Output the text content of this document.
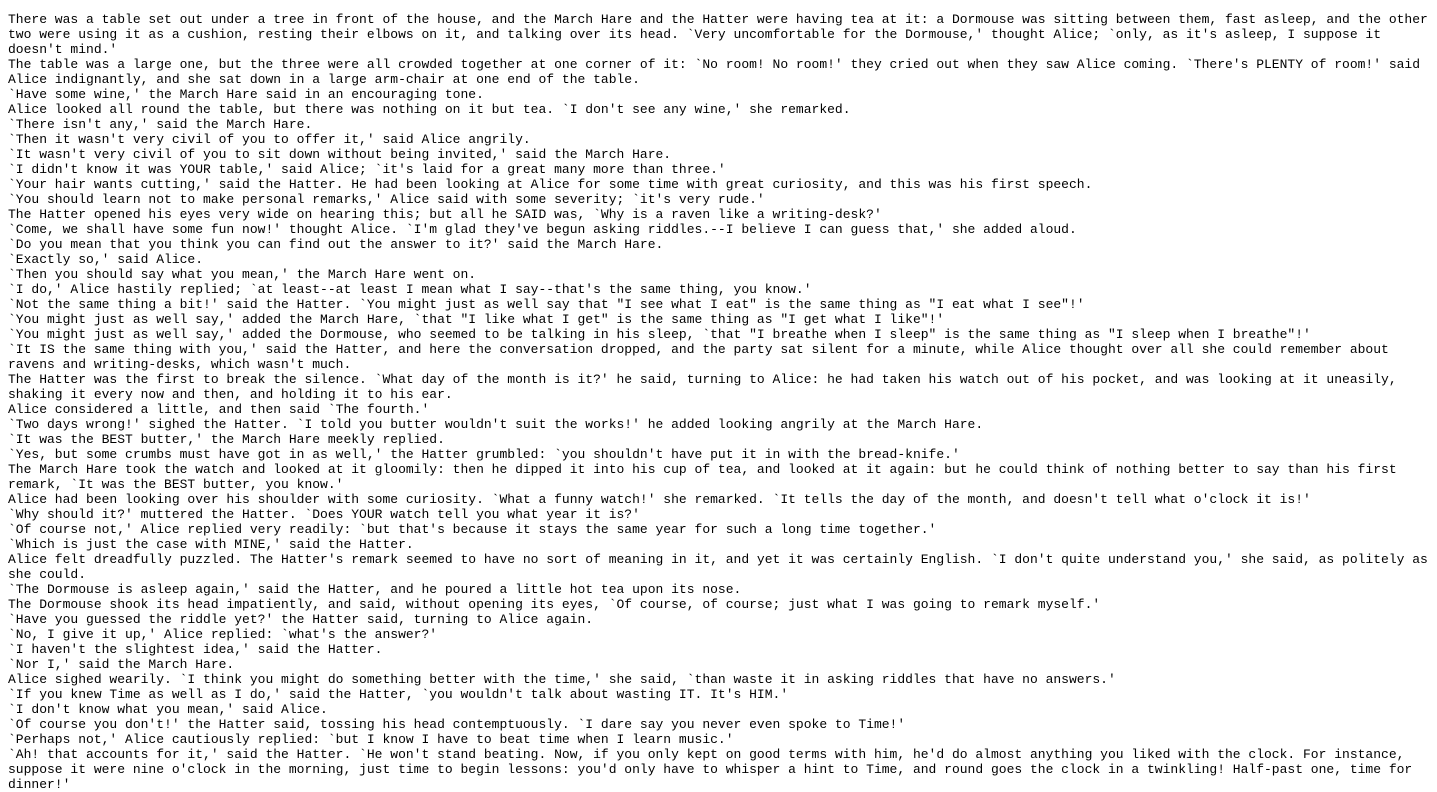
There was a table set out under a tree in front of the house, and the March Hare and the Hatter were having tea at it: a Dormouse was sitting between them, fast asleep, and the other two were using it as a cushion, resting their elbows on it, and talking over its head. `Very uncomfortable for the Dormouse,' thought Alice; `only, as it's asleep, I suppose it doesn't mind.'
The table was a large one, but the three were all crowded together at one corner of it: `No room! No room!' they cried out when they saw Alice coming. `There's PLENTY of room!' said Alice indignantly, and she sat down in a large arm-chair at one end of the table.
`Have some wine,' the March Hare said in an encouraging tone.
Alice looked all round the table, but there was nothing on it but tea. `I don't see any wine,' she remarked.
`There isn't any,' said the March Hare.
`Then it wasn't very civil of you to offer it,' said Alice angrily.
`It wasn't very civil of you to sit down without being invited,' said the March Hare.
`I didn't know it was YOUR table,' said Alice; `it's laid for a great many more than three.'
`Your hair wants cutting,' said the Hatter. He had been looking at Alice for some time with great curiosity, and this was his first speech.
`You should learn not to make personal remarks,' Alice said with some severity; `it's very rude.'
The Hatter opened his eyes very wide on hearing this; but all he SAID was, `Why is a raven like a writing-desk?'
`Come, we shall have some fun now!' thought Alice. `I'm glad they've begun asking riddles.--I believe I can guess that,' she added aloud.
`Do you mean that you think you can find out the answer to it?' said the March Hare.
`Exactly so,' said Alice.
`Then you should say what you mean,' the March Hare went on.
`I do,' Alice hastily replied; `at least--at least I mean what I say--that's the same thing, you know.'
`Not the same thing a bit!' said the Hatter. `You might just as well say that "I see what I eat" is the same thing as "I eat what I see"!'
`You might just as well say,' added the March Hare, `that "I like what I get" is the same thing as "I get what I like"!'
`You might just as well say,' added the Dormouse, who seemed to be talking in his sleep, `that "I breathe when I sleep" is the same thing as "I sleep when I breathe"!'
`It IS the same thing with you,' said the Hatter, and here the conversation dropped, and the party sat silent for a minute, while Alice thought over all she could remember about ravens and writing-desks, which wasn't much.
The Hatter was the first to break the silence. `What day of the month is it?' he said, turning to Alice: he had taken his watch out of his pocket, and was looking at it uneasily, shaking it every now and then, and holding it to his ear.
Alice considered a little, and then said `The fourth.'
`Two days wrong!' sighed the Hatter. `I told you butter wouldn't suit the works!' he added looking angrily at the March Hare.
`It was the BEST butter,' the March Hare meekly replied.
`Yes, but some crumbs must have got in as well,' the Hatter grumbled: `you shouldn't have put it in with the bread-knife.'
The March Hare took the watch and looked at it gloomily: then he dipped it into his cup of tea, and looked at it again: but he could think of nothing better to say than his first remark, `It was the BEST butter, you know.'
Alice had been looking over his shoulder with some curiosity. `What a funny watch!' she remarked. `It tells the day of the month, and doesn't tell what o'clock it is!'
`Why should it?' muttered the Hatter. `Does YOUR watch tell you what year it is?'
`Of course not,' Alice replied very readily: `but that's because it stays the same year for such a long time together.'
`Which is just the case with MINE,' said the Hatter.
Alice felt dreadfully puzzled. The Hatter's remark seemed to have no sort of meaning in it, and yet it was certainly English. `I don't quite understand you,' she said, as politely as she could.
`The Dormouse is asleep again,' said the Hatter, and he poured a little hot tea upon its nose.
The Dormouse shook its head impatiently, and said, without opening its eyes, `Of course, of course; just what I was going to remark myself.'
`Have you guessed the riddle yet?' the Hatter said, turning to Alice again.
`No, I give it up,' Alice replied: `what's the answer?'
`I haven't the slightest idea,' said the Hatter.
`Nor I,' said the March Hare.
Alice sighed wearily. `I think you might do something better with the time,' she said, `than waste it in asking riddles that have no answers.'
`If you knew Time as well as I do,' said the Hatter, `you wouldn't talk about wasting IT. It's HIM.'
`I don't know what you mean,' said Alice.
`Of course you don't!' the Hatter said, tossing his head contemptuously. `I dare say you never even spoke to Time!'
`Perhaps not,' Alice cautiously replied: `but I know I have to beat time when I learn music.'
`Ah! that accounts for it,' said the Hatter. `He won't stand beating. Now, if you only kept on good terms with him, he'd do almost anything you liked with the clock. For instance, suppose it were nine o'clock in the morning, just time to begin lessons: you'd only have to whisper a hint to Time, and round goes the clock in a twinkling! Half-past one, time for dinner!'
